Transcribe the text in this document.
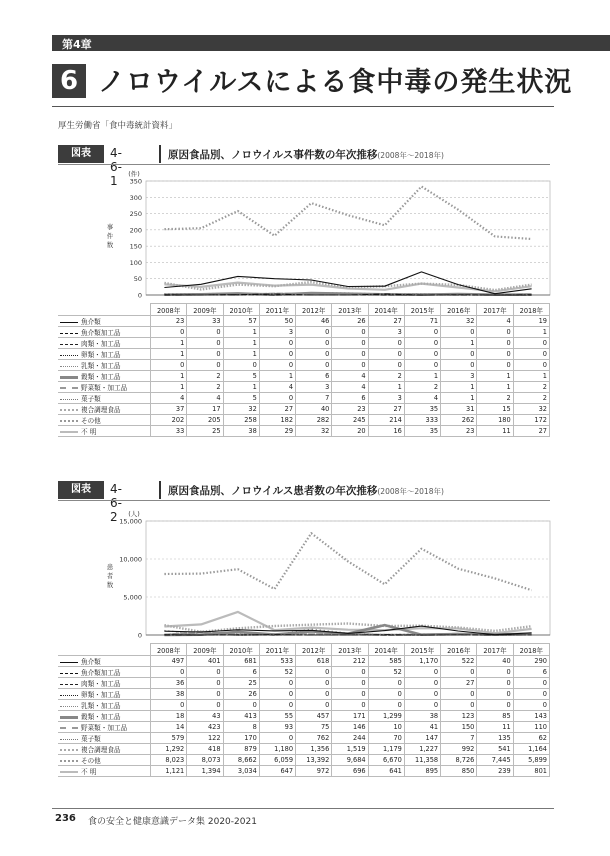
第4章
6 ノロウイルスによる食中毒の発生状況
厚生労働省「食中毒統計資料」
図表	4-6-1
原因食品別、ノロウイルス事件数の年次推移(2008年～2018年)
0
50
100
150
200
250
300
350
(件)
事
件
数
	2008年	2009年	2010年	2011年	2012年	2013年	2014年	2015年	2016年	2017年	2018年
魚介類	23	33	57	50	46	26	27	71	32	4	19
魚介類加工品	0	0	1	3	0	0	3	0	0	0	1
肉類・加工品	1	0	1	0	0	0	0	0	1	0	0
卵類・加工品	1	0	1	0	0	0	0	0	0	0	0
乳類・加工品	0	0	0	0	0	0	0	0	0	0	0
穀類・加工品	1	2	5	1	6	4	2	1	3	1	1
野菜類・加工品	1	2	1	4	3	4	1	2	1	1	2
菓子類	4	4	5	0	7	6	3	4	1	2	2
複合調理食品	37	17	32	27	40	23	27	35	31	15	32
その他	202	205	258	182	282	245	214	333	262	180	172
不 明	33	25	38	29	32	20	16	35	23	11	27
図表	4-6-2
原因食品別、ノロウイルス患者数の年次推移(2008年～2018年)
0
5,000
10,000
15,000
(人)
患
者
数
	2008年	2009年	2010年	2011年	2012年	2013年	2014年	2015年	2016年	2017年	2018年
魚介類	497	401	681	533	618	212	585	1,170	522	40	290
魚介類加工品	0	0	6	52	0	0	52	0	0	0	6
肉類・加工品	36	0	25	0	0	0	0	0	27	0	0
卵類・加工品	38	0	26	0	0	0	0	0	0	0	0
乳類・加工品	0	0	0	0	0	0	0	0	0	0	0
穀類・加工品	18	43	413	55	457	171	1,299	38	123	85	143
野菜類・加工品	14	423	8	93	75	146	10	41	150	11	110
菓子類	579	122	170	0	762	244	70	147	7	135	62
複合調理食品	1,292	418	879	1,180	1,356	1,519	1,179	1,227	992	541	1,164
その他	8,023	8,073	8,662	6,059	13,392	9,684	6,670	11,358	8,726	7,445	5,899
不 明	1,121	1,394	3,034	647	972	696	641	895	850	239	801
236 食の安全と健康意識データ集 2020-2021
